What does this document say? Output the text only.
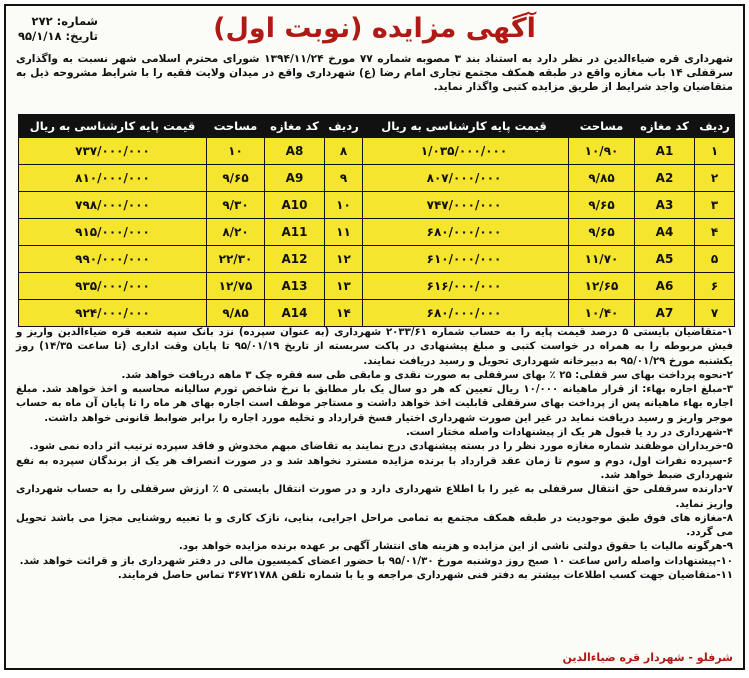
آگهی مزایده (نوبت اول)
شماره: ۲۷۲
تاریخ: ۹۵/۱/۱۸
شهرداری قره ضیاءالدین در نظر دارد به استناد بند ۳ مصوبه شماره ۷۷ مورخ ۱۳۹۴/۱۱/۲۴ شورای محترم اسلامی شهر نسبت به واگذاری سرقفلی ۱۴ باب مغازه واقع در طبقه همکف مجتمع تجاری امام رضا (ع) شهرداری واقع در میدان ولایت فقیه را با شرایط مشروحه ذیل به متقاضیان واجد شرایط از طریق مزایده کتبی واگذار نماید.
ردیف	کد مغازه	مساحت	قیمت پایه کارشناسی به ریال
۱	A1	۱۰/۹۰	۱/۰۳۵/۰۰۰/۰۰۰
۲	A2	۹/۸۵	۸۰۷/۰۰۰/۰۰۰
۳	A3	۹/۶۵	۷۴۷/۰۰۰/۰۰۰
۴	A4	۹/۶۵	۶۸۰/۰۰۰/۰۰۰
۵	A5	۱۱/۷۰	۶۱۰/۰۰۰/۰۰۰
۶	A6	۱۲/۶۵	۶۱۶/۰۰۰/۰۰۰
۷	A7	۱۰/۴۰	۶۸۰/۰۰۰/۰۰۰
ردیف	کد مغازه	مساحت	قیمت پایه کارشناسی به ریال
۸	A8	۱۰	۷۳۷/۰۰۰/۰۰۰
۹	A9	۹/۶۵	۸۱۰/۰۰۰/۰۰۰
۱۰	A10	۹/۳۰	۷۹۸/۰۰۰/۰۰۰
۱۱	A11	۸/۲۰	۹۱۵/۰۰۰/۰۰۰
۱۲	A12	۲۲/۳۰	۹۹۰/۰۰۰/۰۰۰
۱۳	A13	۱۲/۷۵	۹۳۵/۰۰۰/۰۰۰
۱۴	A14	۹/۸۵	۹۲۴/۰۰۰/۰۰۰

۱-متقاضیان بایستی ۵ درصد قیمت پایه را به حساب شماره ۲۰۳۳/۶۱ شهرداری (به عنوان سپرده) نزد بانک سپه شعبه قره ضیاءالدین واریز و فیش مربوطه را به همراه در خواست کتبی و مبلغ پیشنهادی در پاکت سربسته از تاریخ ۹۵/۰۱/۱۹ تا پایان وقت اداری (تا ساعت ۱۴/۳۵) روز یکشنبه مورخ ۹۵/۰۱/۲۹ به دبیرخانه شهرداری تحویل و رسید دریافت نمایند.

۲-نحوه پرداخت بهای سر قفلی: ۲۵ ٪ بهای سرقفلی به صورت نقدی و مابقی طی سه فقره چک ۳ ماهه دریافت خواهد شد.

۳-مبلغ اجاره بهاء: از قرار ماهیانه ۱۰/۰۰۰ ریال تعیین که هر دو سال یک بار مطابق با نرخ شاخص تورم سالیانه محاسبه و اخذ خواهد شد. مبلغ اجاره بهاء ماهیانه پس از پرداخت بهای سرقفلی قابلیت اخذ خواهد داشت و مستاجر موظف است اجاره بهای هر ماه را تا پایان آن ماه به حساب موجر واریز و رسید دریافت نماید در غیر این صورت شهرداری اختیار فسخ قرارداد و تخلیه مورد اجاره را برابر ضوابط قانونی خواهد داشت.

۴-شهرداری در رد یا قبول هر یک از پیشنهادات واصله مختار است.

۵-خریداران موظفند شماره مغازه مورد نظر را در بسته پیشنهادی درج نمایند به تقاضای مبهم مخدوش و فاقد سپرده ترتیب اثر داده نمی شود.

۶-سپرده نفرات اول، دوم و سوم تا زمان عقد قرارداد با برنده مزایده مسترد نخواهد شد و در صورت انصراف هر یک از برندگان سپرده به نفع شهرداری ضبط خواهد شد.

۷-دارنده سرقفلی حق انتقال سرقفلی به غیر را با اطلاع شهرداری دارد و در صورت انتقال بایستی ۵ ٪ ارزش سرقفلی را به حساب شهرداری واریز نماید.

۸-مغازه های فوق طبق موجودیت در طبقه همکف مجتمع به تمامی مراحل اجرایی، بنایی، نازک کاری و با تعبیه روشنایی مجزا می باشد تحویل می گردد.

۹-هرگونه مالیات یا حقوق دولتی ناشی از این مزایده و هزینه های انتشار آگهی بر عهده برنده مزایده خواهد بود.

۱۰-پیشنهادات واصله راس ساعت ۱۰ صبح روز دوشنبه مورخ ۹۵/۰۱/۳۰ با حضور اعضای کمیسیون مالی در دفتر شهرداری باز و قرائت خواهد شد.

۱۱-متقاضیان جهت کسب اطلاعات بیشتر به دفتر فنی شهرداری مراجعه و یا با شماره تلفن ۳۶۷۲۱۷۸۸ تماس حاصل فرمایند.

شرفلو - شهردار قره ضیاءالدین
